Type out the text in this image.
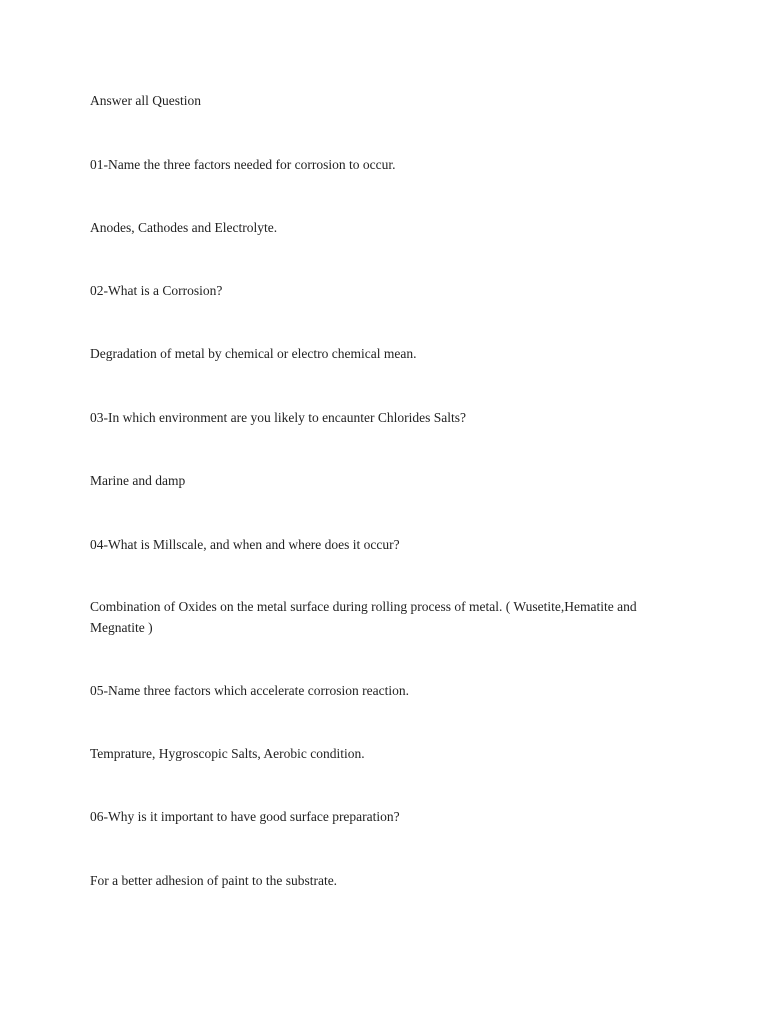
Answer all Question
01-Name the three factors needed for corrosion to occur.
Anodes, Cathodes and Electrolyte.
02-What is a Corrosion?
Degradation of metal by chemical or electro chemical mean.
03-In which environment are you likely to encaunter Chlorides Salts?
Marine and damp
04-What is Millscale, and when and where does it occur?
Combination of Oxides on the metal surface during rolling process of metal. ( Wusetite,Hematite and Megnatite )
05-Name three factors which accelerate corrosion reaction.
Temprature, Hygroscopic Salts, Aerobic condition.
06-Why is it important to have good surface preparation?
For a better adhesion of paint to the substrate.
